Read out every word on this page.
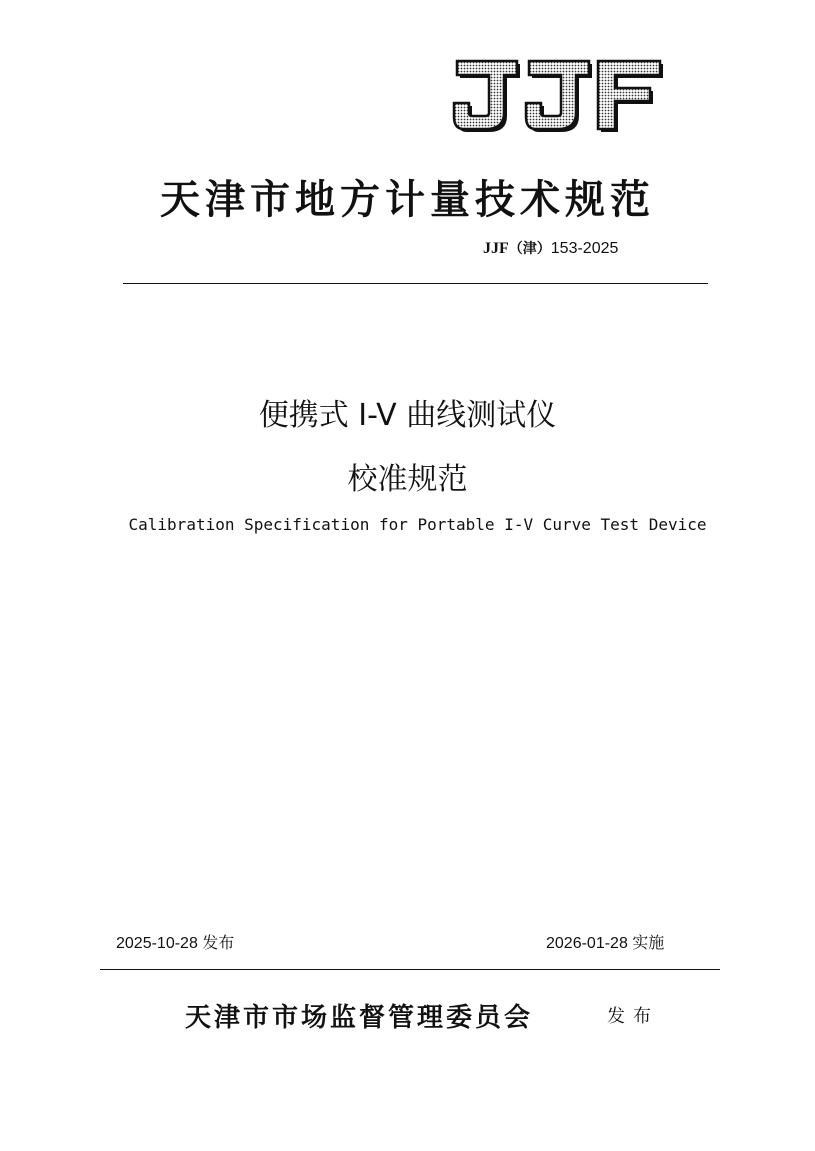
天津市地方计量技术规范
JJF（津）153-2025
便携式 I-V 曲线测试仪
校准规范
Calibration Specification for Portable I-V Curve Test Device
2025-10-28 发布	2026-01-28 实施
天津市市场监督管理委员会	发布
